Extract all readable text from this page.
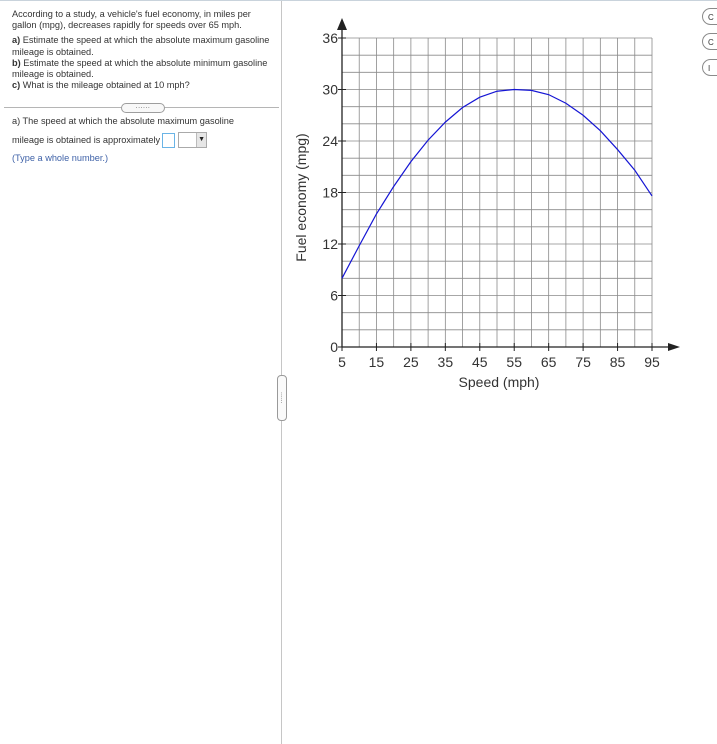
According to a study, a vehicle's fuel economy, in miles per gallon (mpg), decreases rapidly for speeds over 65 mph.

a) Estimate the speed at which the absolute maximum gasoline mileage is obtained.
b) Estimate the speed at which the absolute minimum gasoline mileage is obtained.
c) What is the mileage obtained at 10 mph?
......
a) The speed at which the absolute maximum gasoline
mileage is obtained is approximately	▼
(Type a whole number.)
......
C
C
I
5 15 25 35 45 55 65 75 85 95
0
6
12
18
24
30
36
Speed (mph)
Fuel economy (mpg)
